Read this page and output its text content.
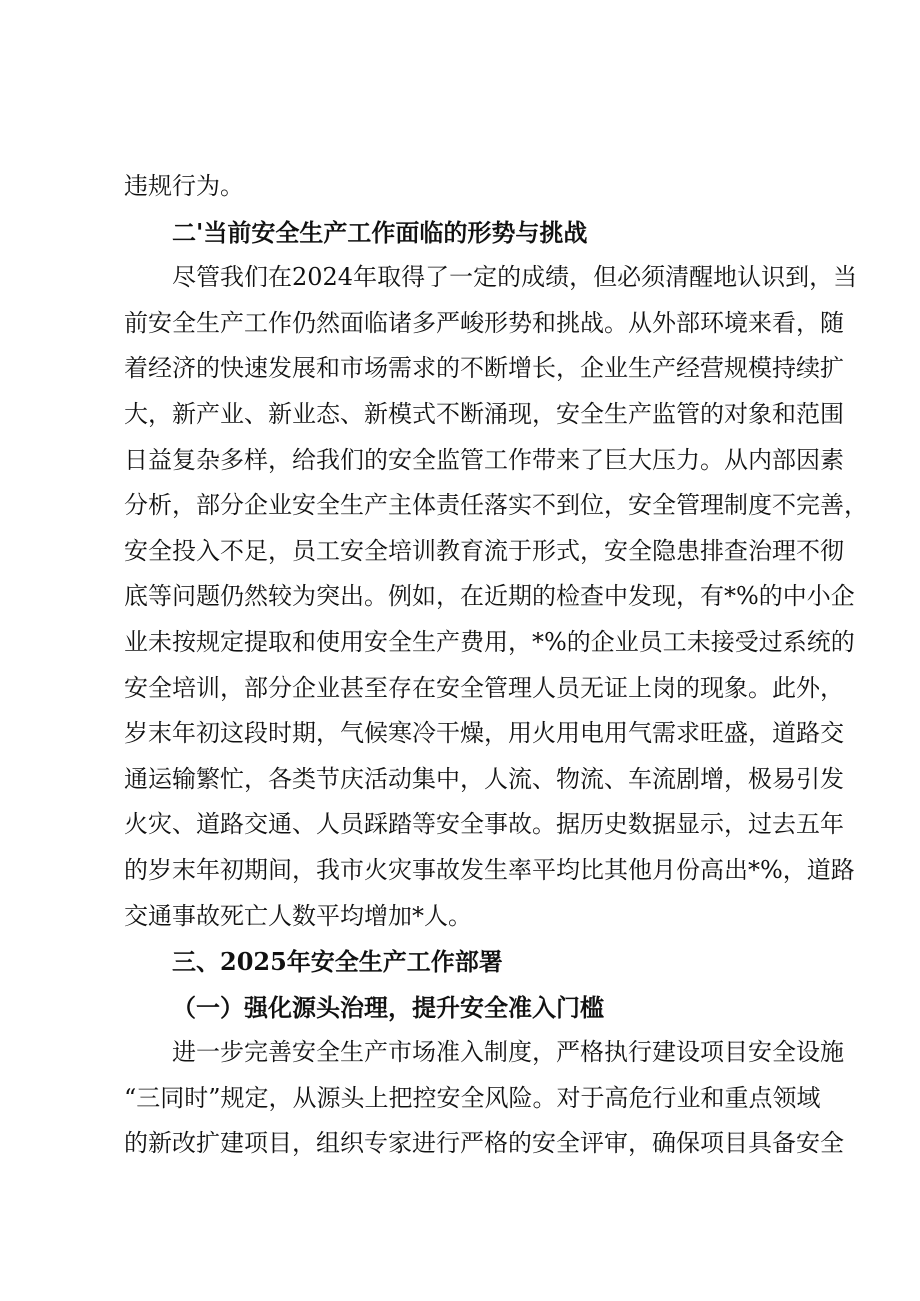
违规行为。
二'当前安全生产工作面临的形势与挑战
尽管我们在2024年取得了一定的成绩，但必须清醒地认识到，当
前安全生产工作仍然面临诸多严峻形势和挑战。从外部环境来看，随
着经济的快速发展和市场需求的不断增长，企业生产经营规模持续扩
大，新产业、新业态、新模式不断涌现，安全生产监管的对象和范围
日益复杂多样，给我们的安全监管工作带来了巨大压力。从内部因素
分析，部分企业安全生产主体责任落实不到位，安全管理制度不完善，
安全投入不足，员工安全培训教育流于形式，安全隐患排查治理不彻
底等问题仍然较为突出。例如，在近期的检查中发现，有*%的中小企
业未按规定提取和使用安全生产费用，*%的企业员工未接受过系统的
安全培训，部分企业甚至存在安全管理人员无证上岗的现象。此外，
岁末年初这段时期，气候寒冷干燥，用火用电用气需求旺盛，道路交
通运输繁忙，各类节庆活动集中，人流、物流、车流剧增，极易引发
火灾、道路交通、人员踩踏等安全事故。据历史数据显示，过去五年
的岁末年初期间，我市火灾事故发生率平均比其他月份高出*%，道路
交通事故死亡人数平均增加*人。
三、2025年安全生产工作部署
（一）强化源头治理，提升安全准入门槛
进一步完善安全生产市场准入制度，严格执行建设项目安全设施
“三同时”规定，从源头上把控安全风险。对于高危行业和重点领域
的新改扩建项目，组织专家进行严格的安全评审，确保项目具备安全
